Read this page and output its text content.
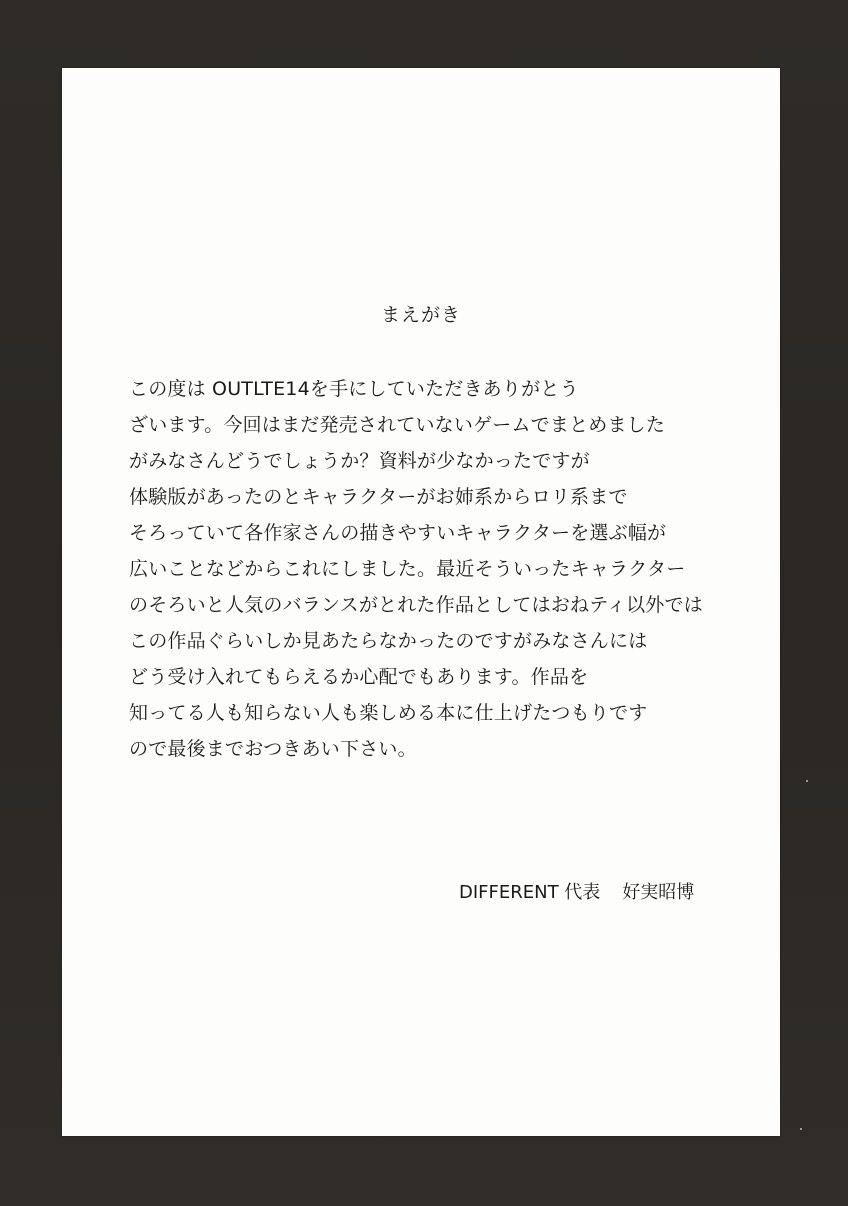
まえがき
この度は OUTLTE14を手にしていただきありがとう
ざいます。今回はまだ発売されていないゲームでまとめました
がみなさんどうでしょうか？資料が少なかったですが
体験版があったのとキャラクターがお姉系からロリ系まで
そろっていて各作家さんの描きやすいキャラクターを選ぶ幅が
広いことなどからこれにしました。最近そういったキャラクター
のそろいと人気のバランスがとれた作品としてはおねティ以外では
この作品ぐらいしか見あたらなかったのですがみなさんには
どう受け入れてもらえるか心配でもあります。作品を
知ってる人も知らない人も楽しめる本に仕上げたつもりです
ので最後までおつきあい下さい。
DIFFERENT 代表 好実昭博
